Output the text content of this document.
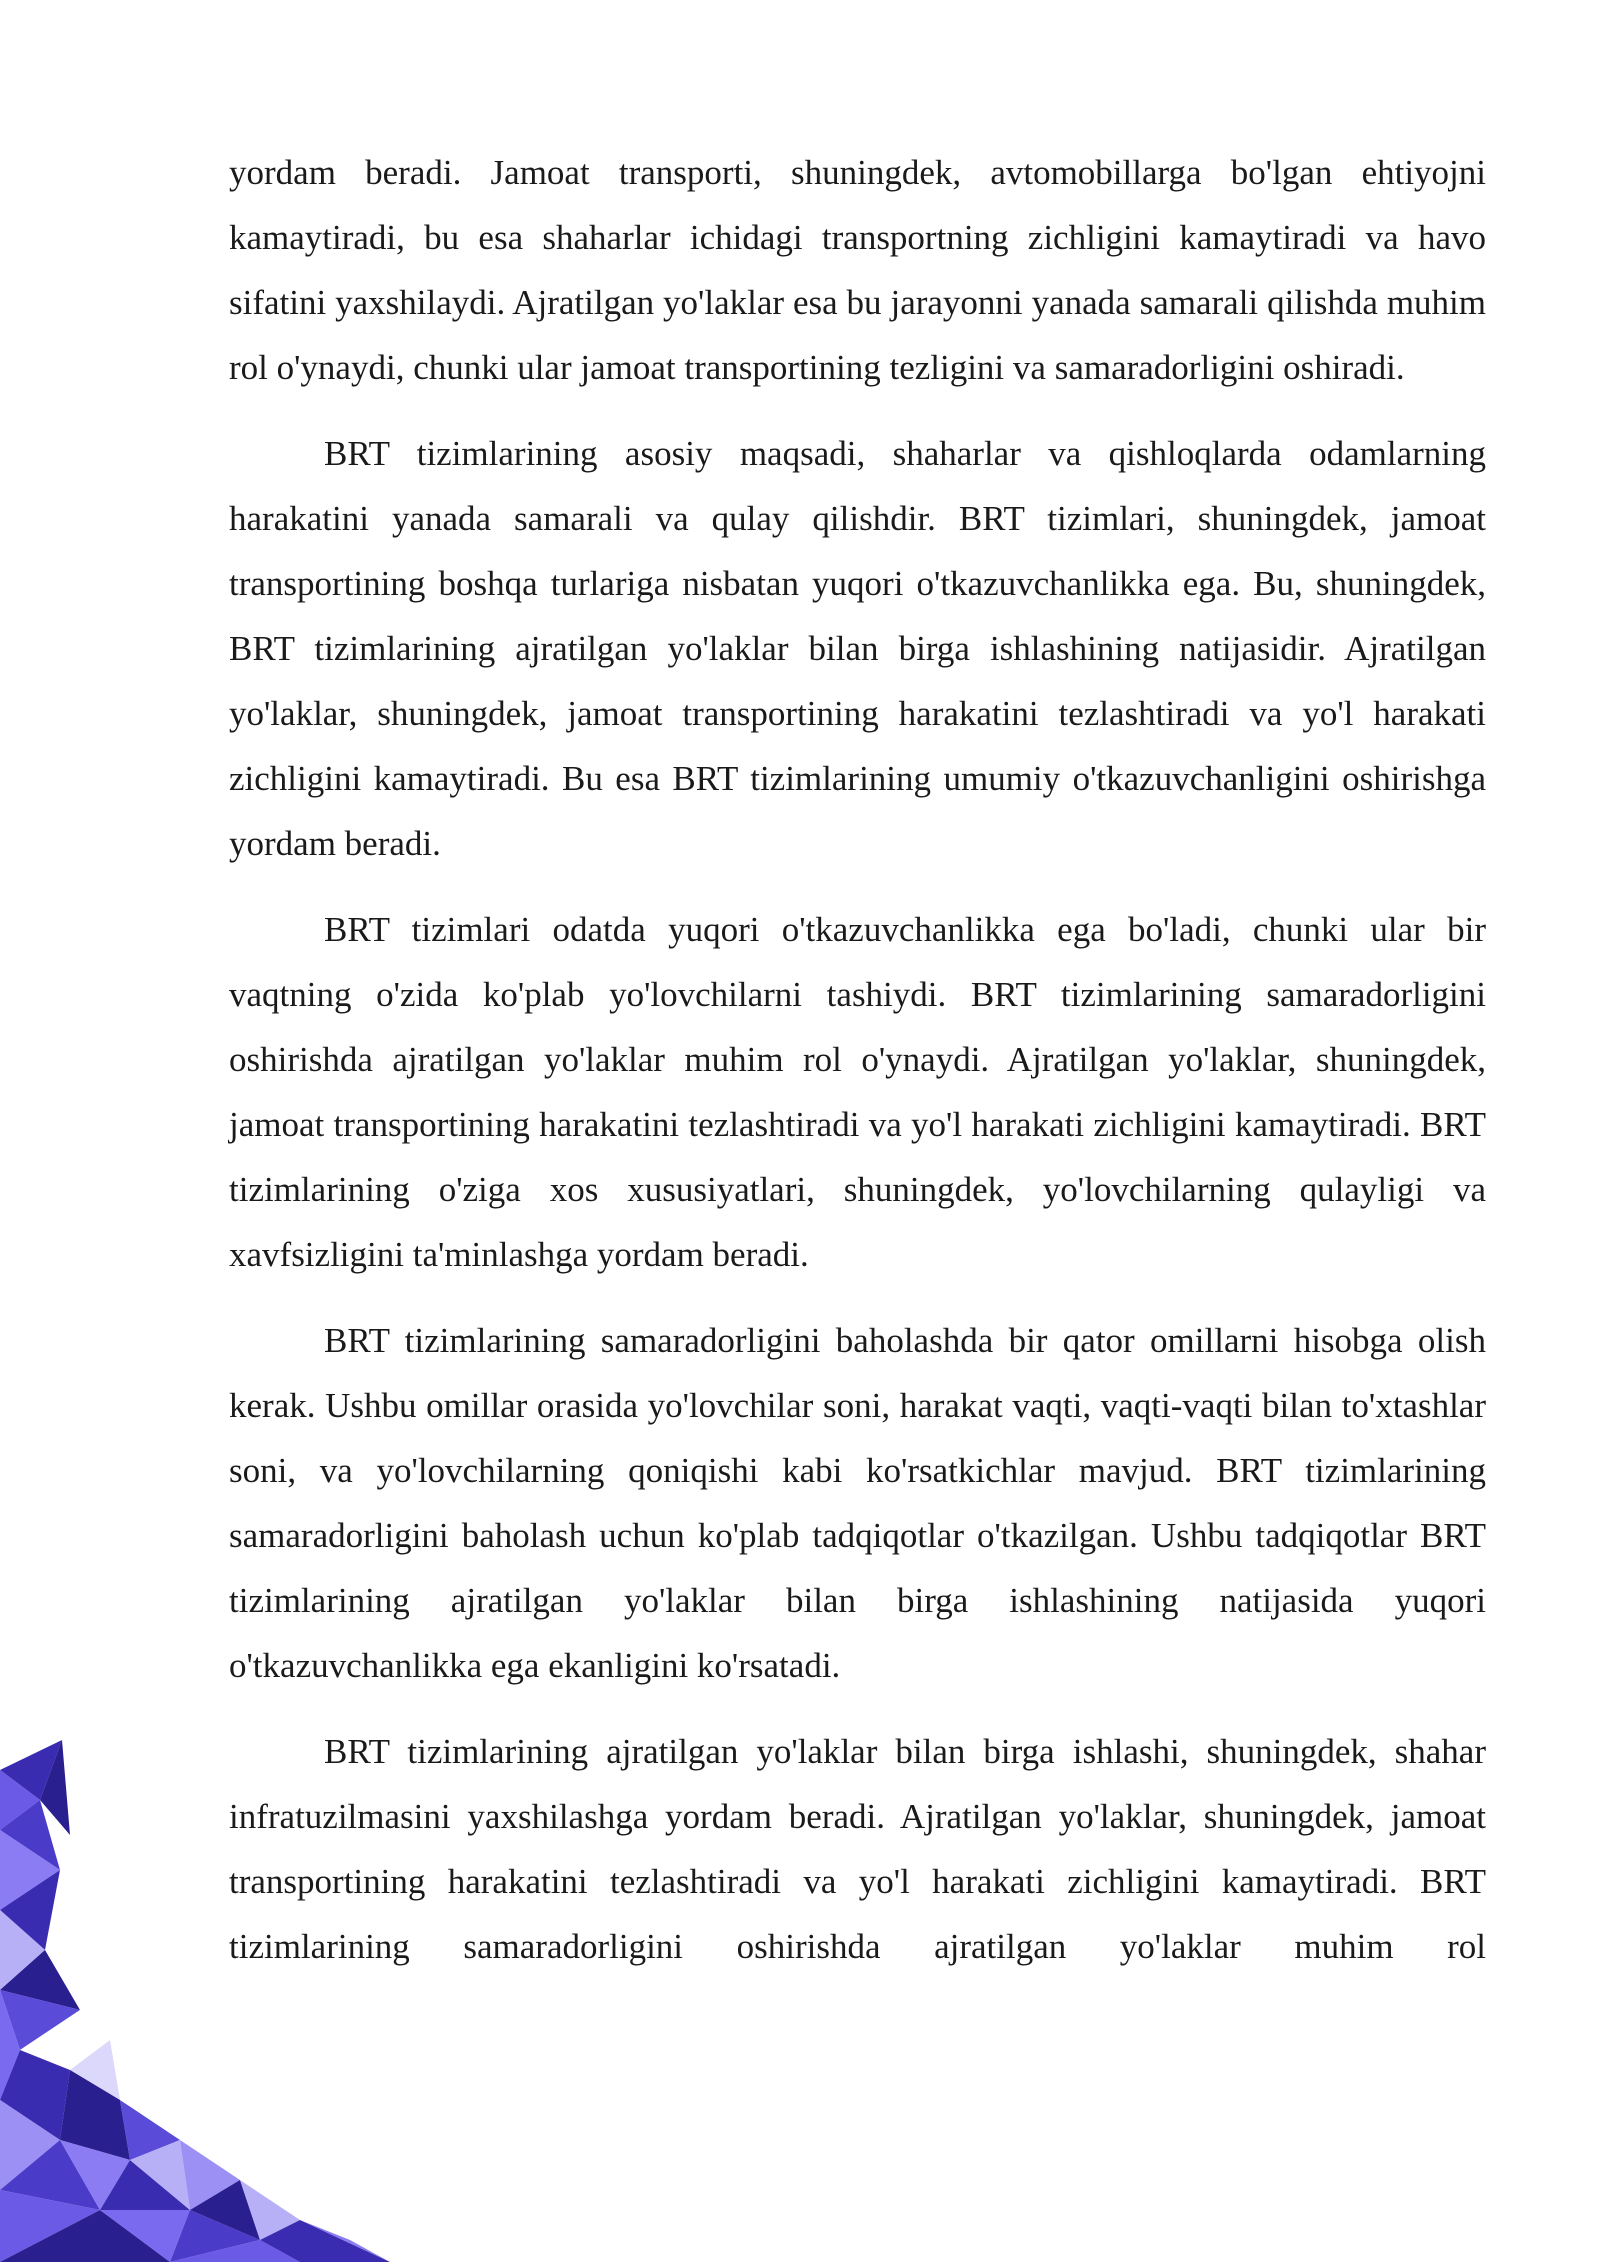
yordam beradi. Jamoat transporti, shuningdek, avtomobillarga bo'lgan ehtiyojni kamaytiradi, bu esa shaharlar ichidagi transportning zichligini kamaytiradi va havo sifatini yaxshilaydi. Ajratilgan yo'laklar esa bu jarayonni yanada samarali qilishda muhim rol o'ynaydi, chunki ular jamoat transportining tezligini va samaradorligini oshiradi.

BRT tizimlarining asosiy maqsadi, shaharlar va qishloqlarda odamlarning harakatini yanada samarali va qulay qilishdir. BRT tizimlari, shuningdek, jamoat transportining boshqa turlariga nisbatan yuqori o'tkazuvchanlikka ega. Bu, shuningdek, BRT tizimlarining ajratilgan yo'laklar bilan birga ishlashining natijasidir. Ajratilgan yo'laklar, shuningdek, jamoat transportining harakatini tezlashtiradi va yo'l harakati zichligini kamaytiradi. Bu esa BRT tizimlarining umumiy o'tkazuvchanligini oshirishga yordam beradi.

BRT tizimlari odatda yuqori o'tkazuvchanlikka ega bo'ladi, chunki ular bir vaqtning o'zida ko'plab yo'lovchilarni tashiydi. BRT tizimlarining samaradorligini oshirishda ajratilgan yo'laklar muhim rol o'ynaydi. Ajratilgan yo'laklar, shuningdek, jamoat transportining harakatini tezlashtiradi va yo'l harakati zichligini kamaytiradi. BRT tizimlarining o'ziga xos xususiyatlari, shuningdek, yo'lovchilarning qulayligi va xavfsizligini ta'minlashga yordam beradi.

BRT tizimlarining samaradorligini baholashda bir qator omillarni hisobga olish kerak. Ushbu omillar orasida yo'lovchilar soni, harakat vaqti, vaqti-vaqti bilan to'xtashlar soni, va yo'lovchilarning qoniqishi kabi ko'rsatkichlar mavjud. BRT tizimlarining samaradorligini baholash uchun ko'plab tadqiqotlar o'tkazilgan. Ushbu tadqiqotlar BRT tizimlarining ajratilgan yo'laklar bilan birga ishlashining natijasida yuqori o'tkazuvchanlikka ega ekanligini ko'rsatadi.

BRT tizimlarining ajratilgan yo'laklar bilan birga ishlashi, shuningdek, shahar infratuzilmasini yaxshilashga yordam beradi. Ajratilgan yo'laklar, shuningdek, jamoat transportining harakatini tezlashtiradi va yo'l harakati zichligini kamaytiradi. BRT tizimlarining samaradorligini oshirishda ajratilgan yo'laklar muhim rol
